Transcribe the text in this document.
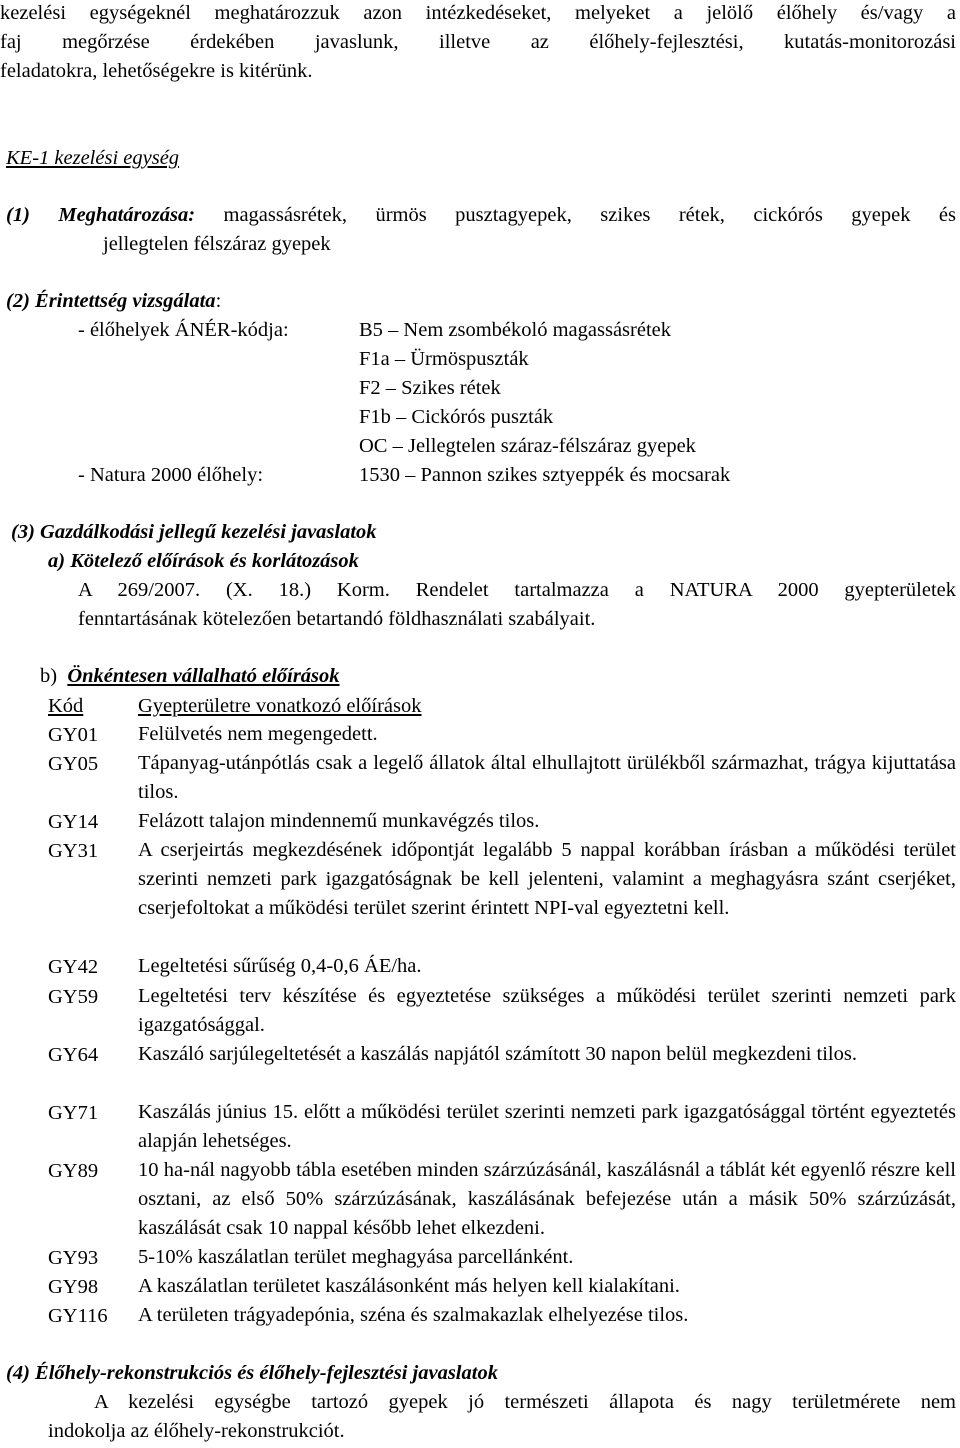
kezelési egységeknél meghatározzuk azon intézkedéseket, melyeket a jelölő élőhely és/vagy a
faj megőrzése érdekében javaslunk, illetve az élőhely-fejlesztési, kutatás-monitorozási
feladatokra, lehetőségekre is kitérünk.
KE-1 kezelési egység
(1) Meghatározása: magassásrétek, ürmös pusztagyepek, szikes rétek, cickórós gyepek és
jellegtelen félszáraz gyepek
(2) Érintettség vizsgálata:
- élőhelyek ÁNÉR-kódja:	B5 – Nem zsombékoló magassásrétek
F1a – Ürmöspuszták
F2 – Szikes rétek
F1b – Cickórós puszták
OC – Jellegtelen száraz-félszáraz gyepek
- Natura 2000 élőhely:	1530 – Pannon szikes sztyeppék és mocsarak
(3) Gazdálkodási jellegű kezelési javaslatok
a) Kötelező előírások és korlátozások
A 269/2007. (X. 18.) Korm. Rendelet tartalmazza a NATURA 2000 gyepterületek
fenntartásának kötelezően betartandó földhasználati szabályait.
b) Önkéntesen vállalható előírások
Kód	Gyepterületre vonatkozó előírások
GY01 Felülvetés nem megengedett.
GY05 Tápanyag-utánpótlás csak a legelő állatok által elhullajtott ürülékből származhat, trágya kijuttatása tilos.
GY14 Felázott talajon mindennemű munkavégzés tilos.
GY31 A cserjeirtás megkezdésének időpontját legalább 5 nappal korábban írásban a működési terület szerinti nemzeti park igazgatóságnak be kell jelenteni, valamint a meghagyásra szánt cserjéket, cserjefoltokat a működési terület szerint érintett NPI-val egyeztetni kell.
GY42 Legeltetési sűrűség 0,4-0,6 ÁE/ha.
GY59 Legeltetési terv készítése és egyeztetése szükséges a működési terület szerinti nemzeti park igazgatósággal.
GY64 Kaszáló sarjúlegeltetését a kaszálás napjától számított 30 napon belül megkezdeni tilos.
GY71 Kaszálás június 15. előtt a működési terület szerinti nemzeti park igazgatósággal történt egyeztetés alapján lehetséges.
GY89 10 ha-nál nagyobb tábla esetében minden szárzúzásánál, kaszálásnál a táblát két egyenlő részre kell osztani, az első 50% szárzúzásának, kaszálásának befejezése után a másik 50% szárzúzását, kaszálását csak 10 nappal később lehet elkezdeni.
GY93 5-10% kaszálatlan terület meghagyása parcellánként.
GY98 A kaszálatlan területet kaszálásonként más helyen kell kialakítani.
GY116 A területen trágyadepónia, széna és szalmakazlak elhelyezése tilos.
(4) Élőhely-rekonstrukciós és élőhely-fejlesztési javaslatok
A kezelési egységbe tartozó gyepek jó természeti állapota és nagy területmérete nem
indokolja az élőhely-rekonstrukciót.
